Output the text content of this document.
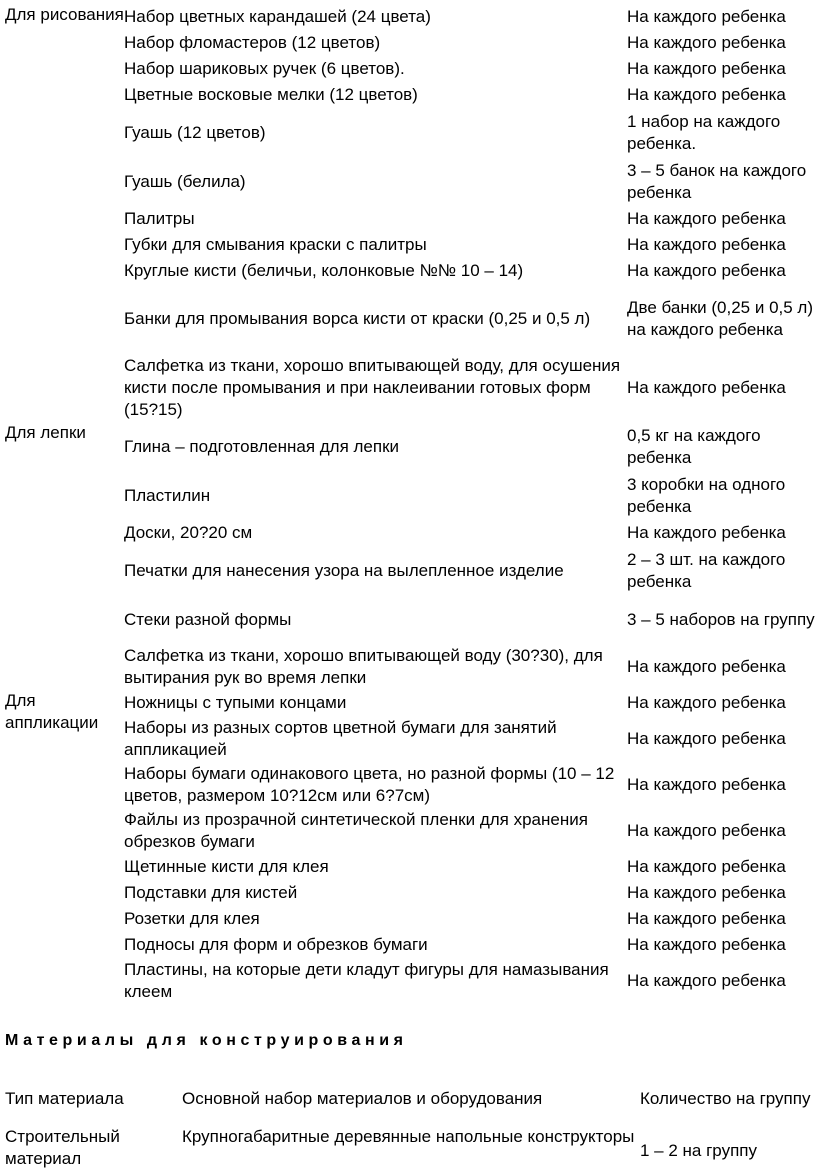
Для рисования	Набор цветных карандашей (24 цвета)	На каждого ребенка
	Набор фломастеров (12 цветов)	На каждого ребенка
	Набор шариковых ручек (6 цветов).	На каждого ребенка
	Цветные восковые мелки (12 цветов)	На каждого ребенка
	Гуашь (12 цветов)	1 набор на каждого ребенка.
	Гуашь (белила)	3 – 5 банок на каждого ребенка
	Палитры	На каждого ребенка
	Губки для смывания краски с палитры	На каждого ребенка
	Круглые кисти (беличьи, колонковые №№ 10 – 14)	На каждого ребенка
	Банки для промывания ворса кисти от краски (0,25 и 0,5 л)	Две банки (0,25 и 0,5 л) на каждого ребенка
	Салфетка из ткани, хорошо впитывающей воду, для осушения кисти после промывания и при наклеивании готовых форм (15?15)	На каждого ребенка
Для лепки	Глина – подготовленная для лепки	0,5 кг на каждого ребенка
	Пластилин	3 коробки на одного ребенка
	Доски, 20?20 см	На каждого ребенка
	Печатки для нанесения узора на вылепленное изделие	2 – 3 шт. на каждого ребенка
	Стеки разной формы	3 – 5 наборов на группу
	Салфетка из ткани, хорошо впитывающей воду (30?30), для вытирания рук во время лепки	На каждого ребенка
Для аппликации	Ножницы с тупыми концами	На каждого ребенка
	Наборы из разных сортов цветной бумаги для занятий аппликацией	На каждого ребенка
	Наборы бумаги одинакового цвета, но разной формы (10 – 12 цветов, размером 10?12см или 6?7см)	На каждого ребенка
	Файлы из прозрачной синтетической пленки для хранения обрезков бумаги	На каждого ребенка
	Щетинные кисти для клея	На каждого ребенка
	Подставки для кистей	На каждого ребенка
	Розетки для клея	На каждого ребенка
	Подносы для форм и обрезков бумаги	На каждого ребенка
	Пластины, на которые дети кладут фигуры для намазывания клеем	На каждого ребенка
Материалы для конструирования
Тип материала	Основной набор материалов и оборудования	Количество на группу
Строительный материал	Крупногабаритные деревянные напольные конструкторы	1 – 2 на группу
